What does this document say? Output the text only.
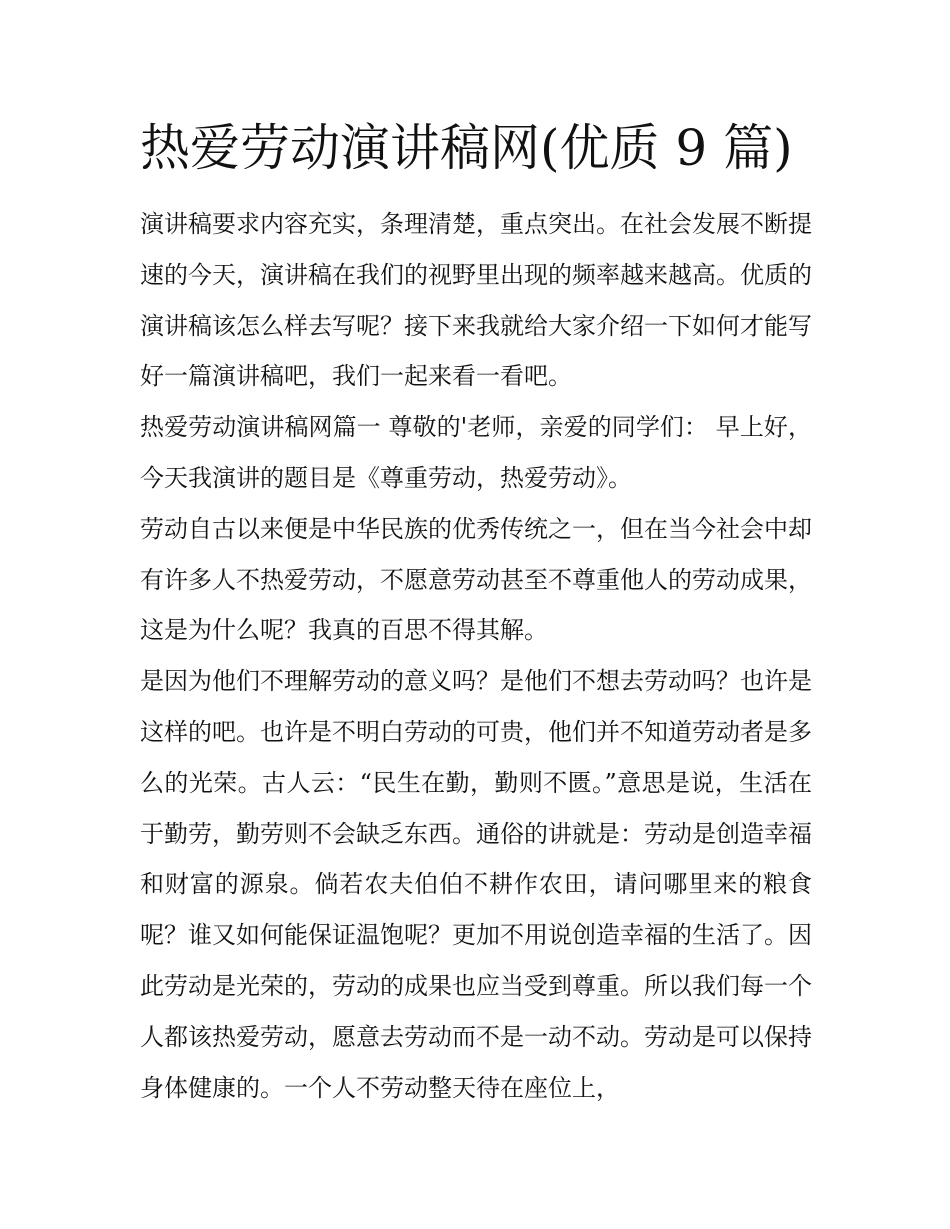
热爱劳动演讲稿网(优质 9 篇)

演讲稿要求内容充实，条理清楚，重点突出。在社会发展不断提速的今天，演讲稿在我们的视野里出现的频率越来越高。优质的演讲稿该怎么样去写呢？接下来我就给大家介绍一下如何才能写好一篇演讲稿吧，我们一起来看一看吧。

热爱劳动演讲稿网篇一 尊敬的'老师，亲爱的同学们： 早上好，今天我演讲的题目是《尊重劳动，热爱劳动》。

劳动自古以来便是中华民族的优秀传统之一，但在当今社会中却有许多人不热爱劳动，不愿意劳动甚至不尊重他人的劳动成果，这是为什么呢？我真的百思不得其解。

是因为他们不理解劳动的意义吗？是他们不想去劳动吗？也许是这样的吧。也许是不明白劳动的可贵，他们并不知道劳动者是多么的光荣。古人云：“民生在勤，勤则不匮。”意思是说，生活在于勤劳，勤劳则不会缺乏东西。通俗的讲就是：劳动是创造幸福和财富的源泉。倘若农夫伯伯不耕作农田，请问哪里来的粮食呢？谁又如何能保证温饱呢？更加不用说创造幸福的生活了。因此劳动是光荣的，劳动的成果也应当受到尊重。所以我们每一个人都该热爱劳动，愿意去劳动而不是一动不动。劳动是可以保持身体健康的。一个人不劳动整天待在座位上，
